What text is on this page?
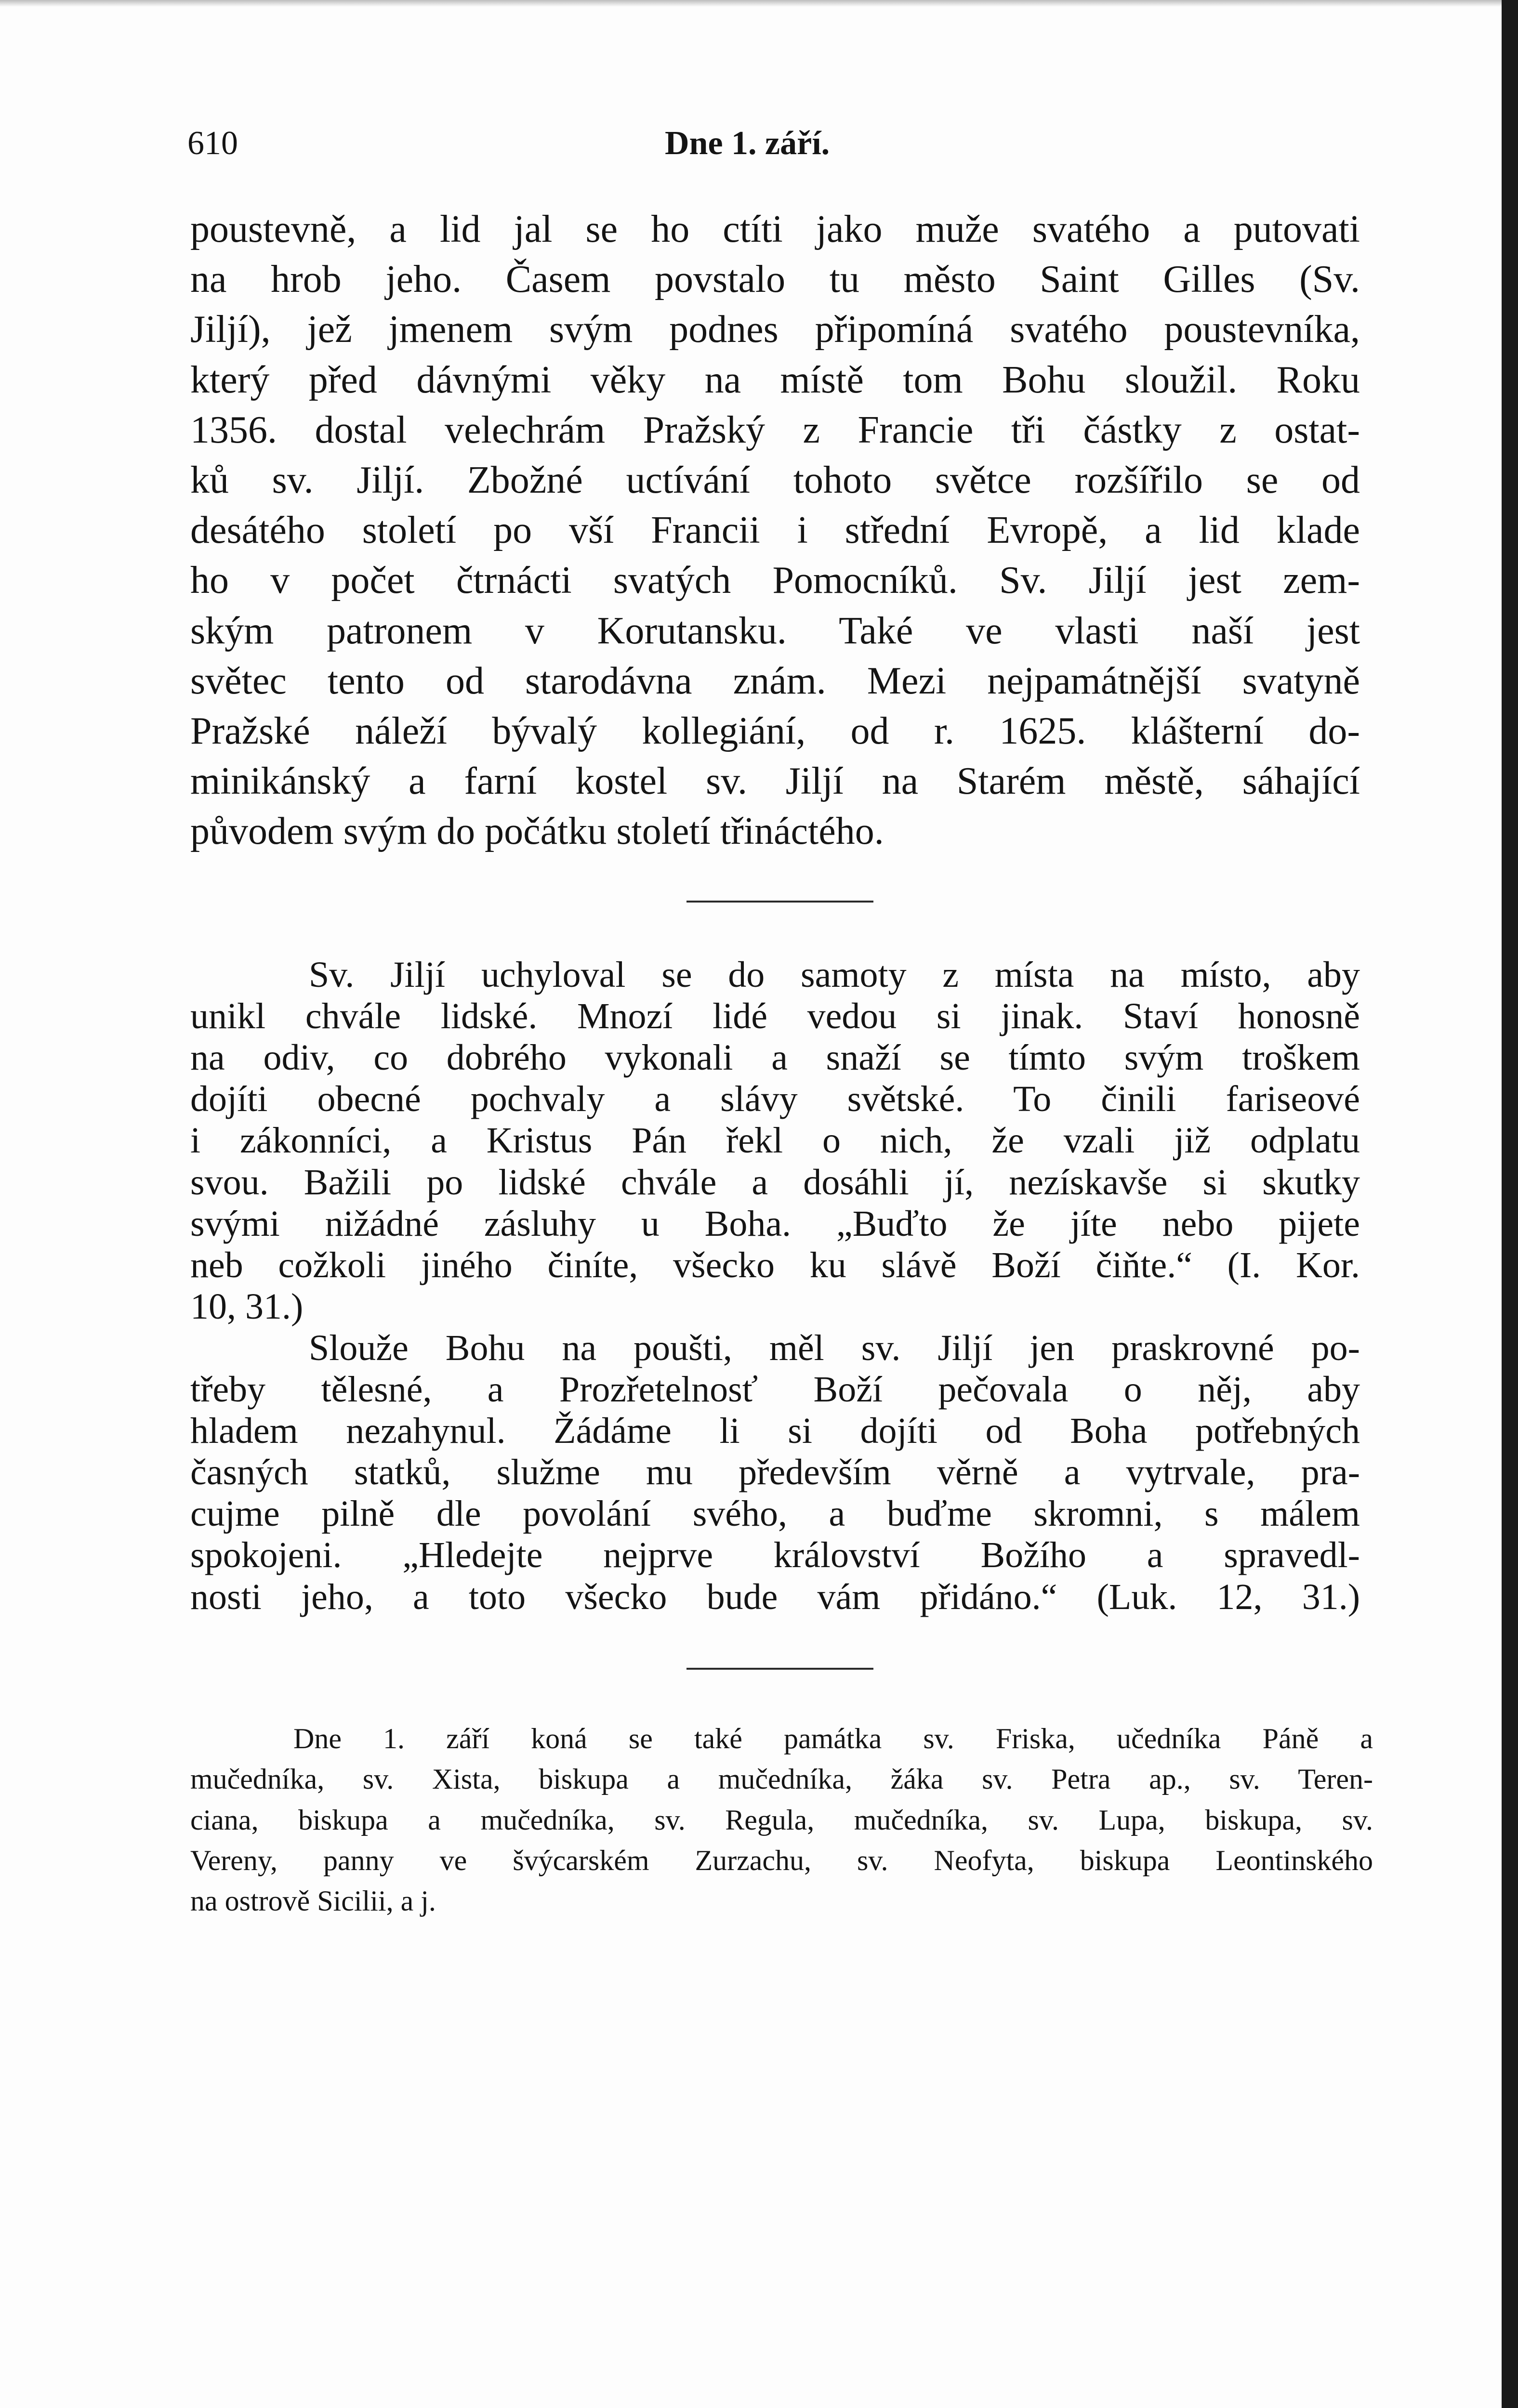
610	Dne 1. září.
poustevně, a lid jal se ho ctíti jako muže svatého a putovati
na hrob jeho. Časem povstalo tu město Saint Gilles (Sv.
Jiljí), jež jmenem svým podnes připomíná svatého poustevníka,
který před dávnými věky na místě tom Bohu sloužil. Roku
1356. dostal velechrám Pražský z Francie tři částky z ostat-
ků sv. Jiljí. Zbožné uctívání tohoto světce rozšířilo se od
desátého století po vší Francii i střední Evropě, a lid klade
ho v počet čtrnácti svatých Pomocníků. Sv. Jiljí jest zem-
ským patronem v Korutansku. Také ve vlasti naší jest
světec tento od starodávna znám. Mezi nejpamátnější svatyně
Pražské náleží bývalý kollegiání, od r. 1625. klášterní do-
minikánský a farní kostel sv. Jiljí na Starém městě, sáhající
původem svým do počátku století třináctého.
Sv. Jiljí uchyloval se do samoty z místa na místo, aby
unikl chvále lidské. Mnozí lidé vedou si jinak. Staví honosně
na odiv, co dobrého vykonali a snaží se tímto svým troškem
dojíti obecné pochvaly a slávy světské. To činili fariseové
i zákonníci, a Kristus Pán řekl o nich, že vzali již odplatu
svou. Bažili po lidské chvále a dosáhli jí, nezískavše si skutky
svými nižádné zásluhy u Boha. „Buďto že jíte nebo pijete
neb cožkoli jiného činíte, všecko ku slávě Boží čiňte.“ (I. Kor.
10, 31.)
Slouže Bohu na poušti, měl sv. Jiljí jen praskrovné po-
třeby tělesné, a Prozřetelnosť Boží pečovala o něj, aby
hladem nezahynul. Žádáme li si dojíti od Boha potřebných
časných statků, služme mu především věrně a vytrvale, pra-
cujme pilně dle povolání svého, a buďme skromni, s málem
spokojeni. „Hledejte nejprve království Božího a spravedl-
nosti jeho, a toto všecko bude vám přidáno.“ (Luk. 12, 31.)
Dne 1. září koná se také památka sv. Friska, učedníka Páně a
mučedníka, sv. Xista, biskupa a mučedníka, žáka sv. Petra ap., sv. Teren-
ciana, biskupa a mučedníka, sv. Regula, mučedníka, sv. Lupa, biskupa, sv.
Vereny, panny ve švýcarském Zurzachu, sv. Neofyta, biskupa Leontinského
na ostrově Sicilii, a j.
